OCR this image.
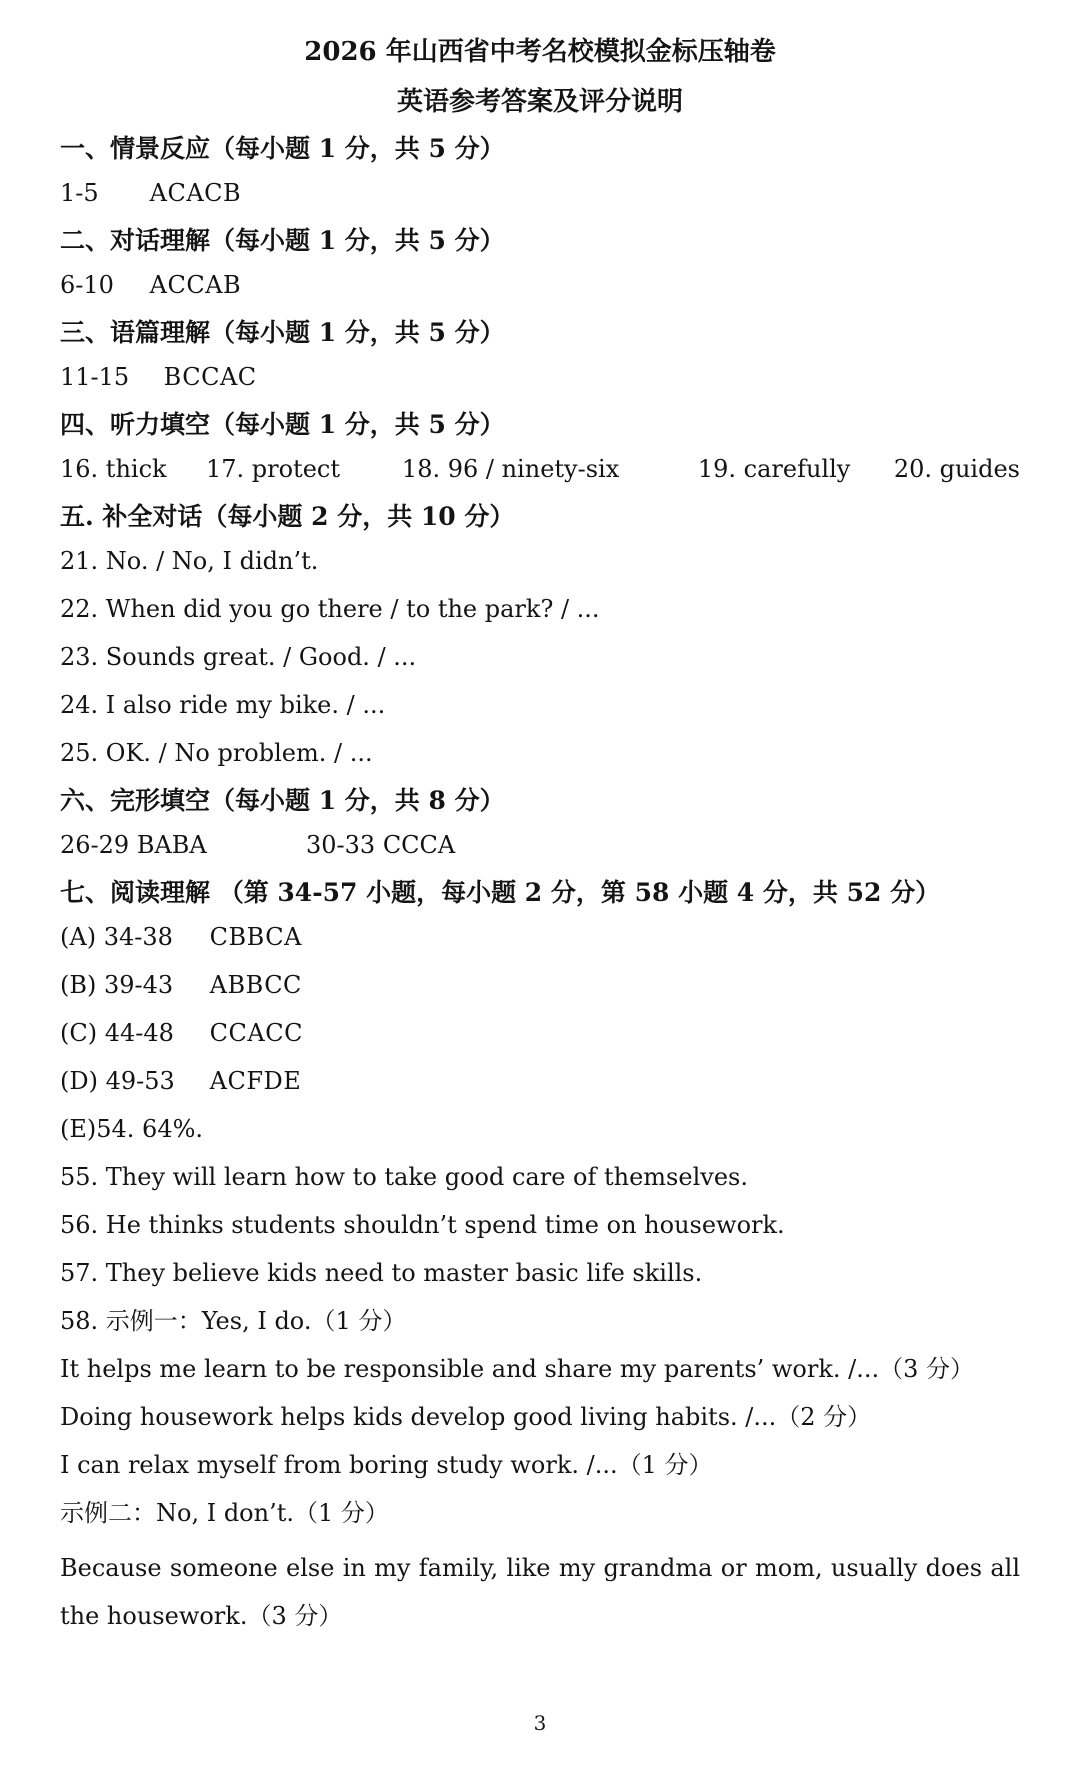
2026 年山西省中考名校模拟金标压轴卷
英语参考答案及评分说明
一、情景反应（每小题 1 分，共 5 分）
1-5 ACACB
二、对话理解（每小题 1 分，共 5 分）
6-10 ACCAB
三、语篇理解（每小题 1 分，共 5 分）
11-15 BCCAC
四、听力填空（每小题 1 分，共 5 分）
16. thick	17. protect	18. 96 / ninety-six	19. carefully	20. guides
五. 补全对话（每小题 2 分，共 10 分）
21. No. / No, I didn’t.
22. When did you go there / to the park? / ...
23. Sounds great. / Good. / ...
24. I also ride my bike. / ...
25. OK. / No problem. / ...
六、完形填空（每小题 1 分，共 8 分）
26-29 BABA	30-33 CCCA
七、阅读理解 （第 34-57 小题，每小题 2 分，第 58 小题 4 分，共 52 分）
(A) 34-38 CBBCA
(B) 39-43 ABBCC
(C) 44-48 CCACC
(D) 49-53 ACFDE
(E)54. 64%.
55. They will learn how to take good care of themselves.
56. He thinks students shouldn’t spend time on housework.
57. They believe kids need to master basic life skills.
58. 示例一：Yes, I do.（1 分）
It helps me learn to be responsible and share my parents’ work. /...（3 分）
Doing housework helps kids develop good living habits. /...（2 分）
I can relax myself from boring study work. /...（1 分）
示例二：No, I don’t.（1 分）
Because someone else in my family, like my grandma or mom, usually does all the housework.（3 分）
3
